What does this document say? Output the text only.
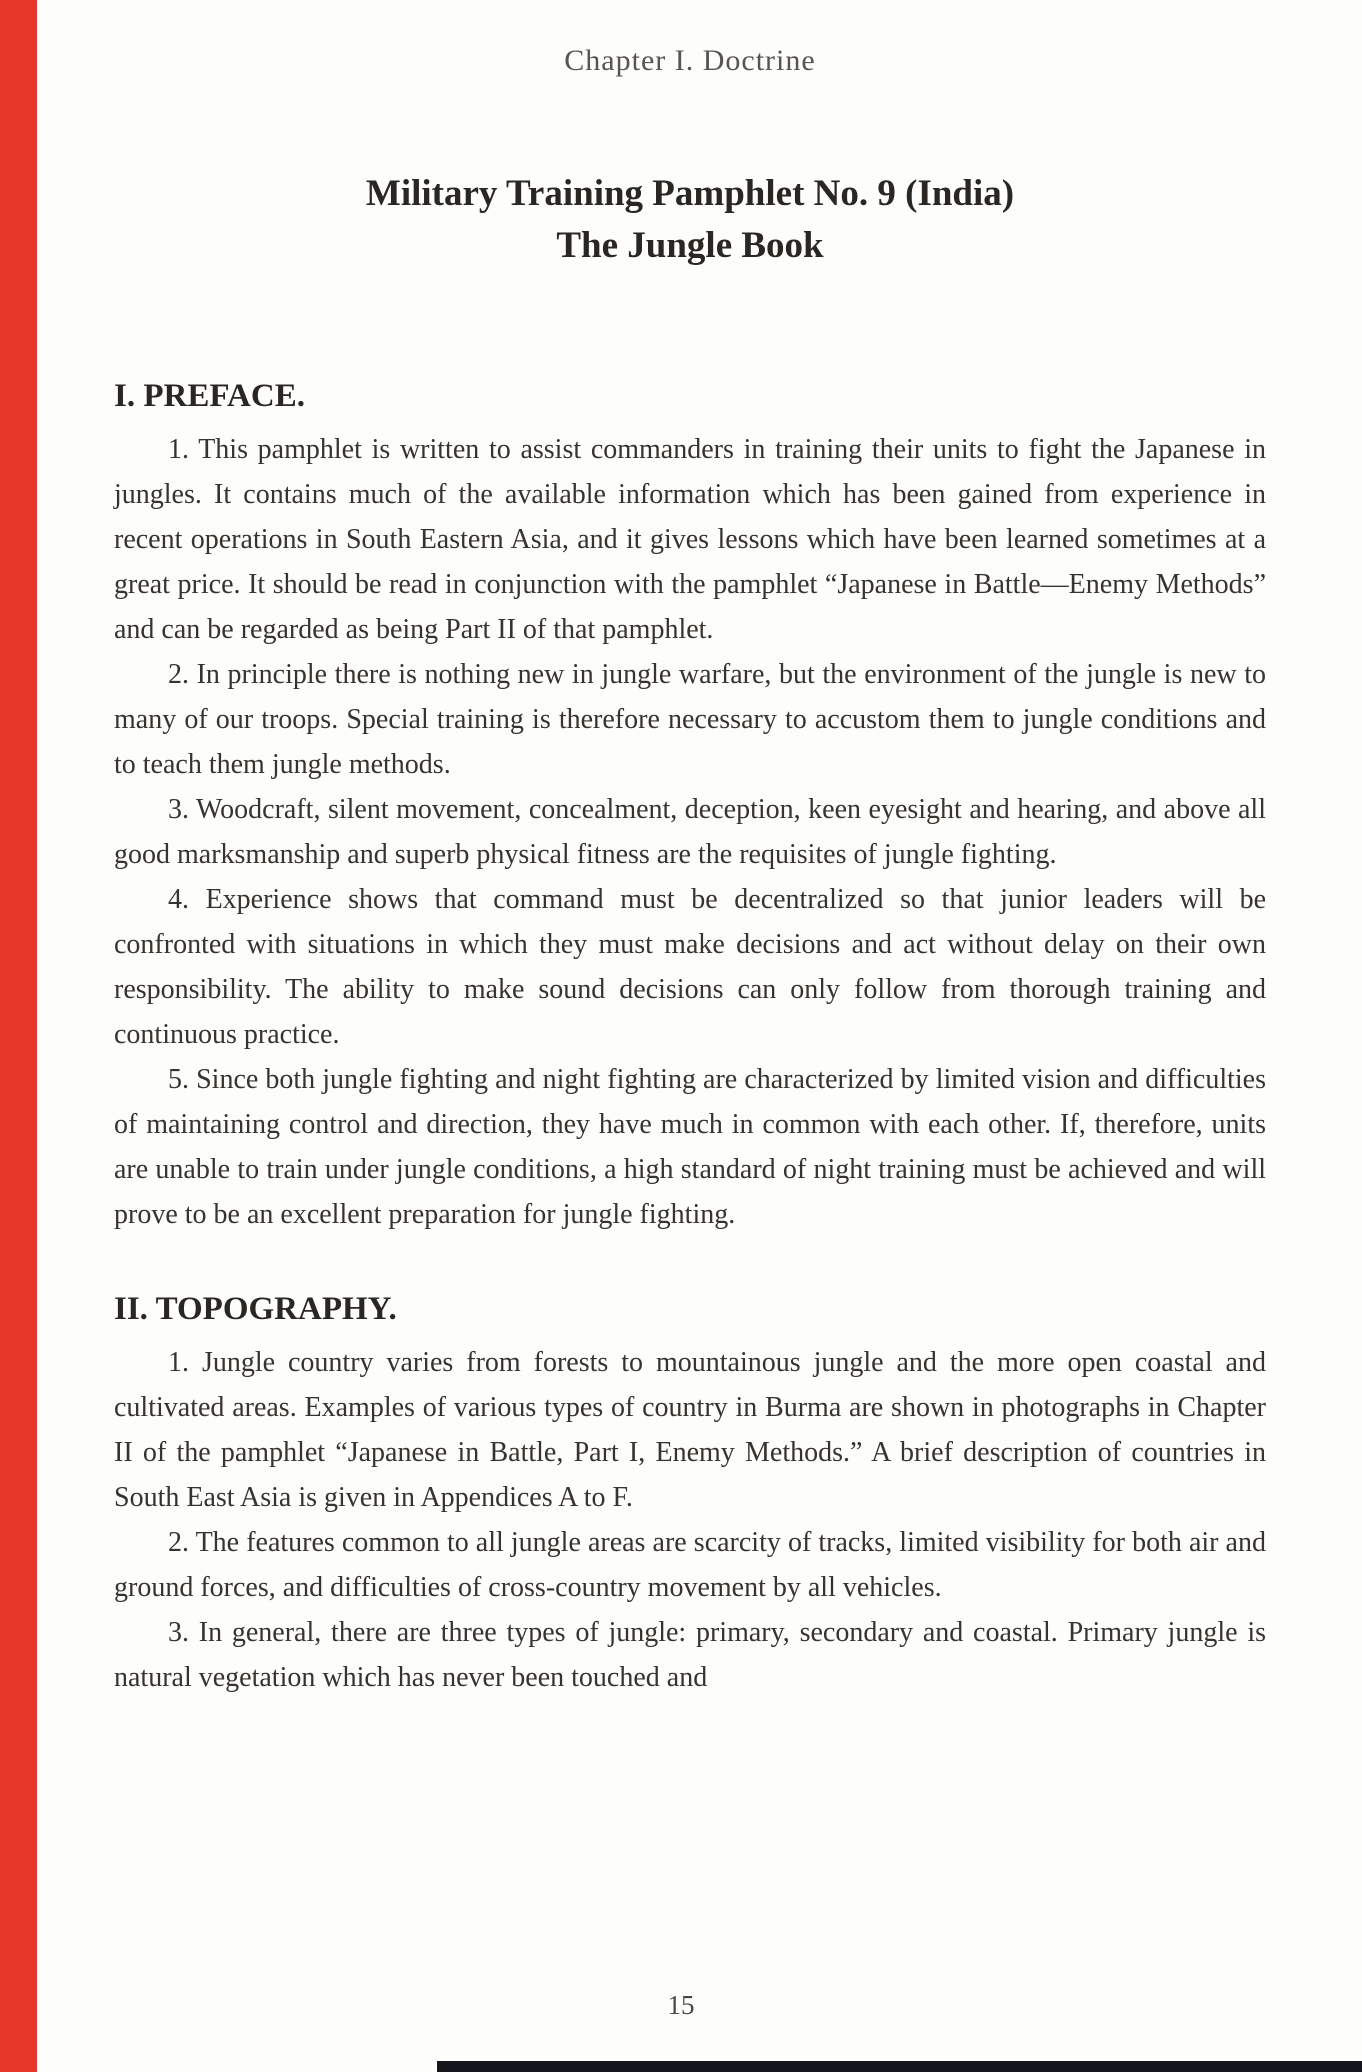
Chapter I. Doctrine
Military Training Pamphlet No. 9 (India)
The Jungle Book
I. PREFACE.

1. This pamphlet is written to assist commanders in training their units to fight the Japanese in jungles. It contains much of the available information which has been gained from experience in recent operations in South Eastern Asia, and it gives lessons which have been learned sometimes at a great price. It should be read in conjunction with the pamphlet “Japanese in Battle—Enemy Methods” and can be regarded as being Part II of that pamphlet.

2. In principle there is nothing new in jungle warfare, but the environment of the jungle is new to many of our troops. Special training is therefore necessary to accustom them to jungle conditions and to teach them jungle methods.

3. Woodcraft, silent movement, concealment, deception, keen eyesight and hearing, and above all good marksmanship and superb physical fitness are the requisites of jungle fighting.

4. Experience shows that command must be decentralized so that junior leaders will be confronted with situations in which they must make decisions and act without delay on their own responsibility. The ability to make sound decisions can only follow from thorough training and continuous practice.

5. Since both jungle fighting and night fighting are characterized by limited vision and difficulties of maintaining control and direction, they have much in common with each other. If, therefore, units are unable to train under jungle conditions, a high standard of night training must be achieved and will prove to be an excellent preparation for jungle fighting.

II. TOPOGRAPHY.

1. Jungle country varies from forests to mountainous jungle and the more open coastal and cultivated areas. Examples of various types of country in Burma are shown in photographs in Chapter II of the pamphlet “Japanese in Battle, Part I, Enemy Methods.” A brief description of countries in South East Asia is given in Appendices A to F.

2. The features common to all jungle areas are scarcity of tracks, limited visibility for both air and ground forces, and difficulties of cross-country movement by all vehicles.

3. In general, there are three types of jungle: primary, secondary and coastal. Primary jungle is natural vegetation which has never been touched and

15
